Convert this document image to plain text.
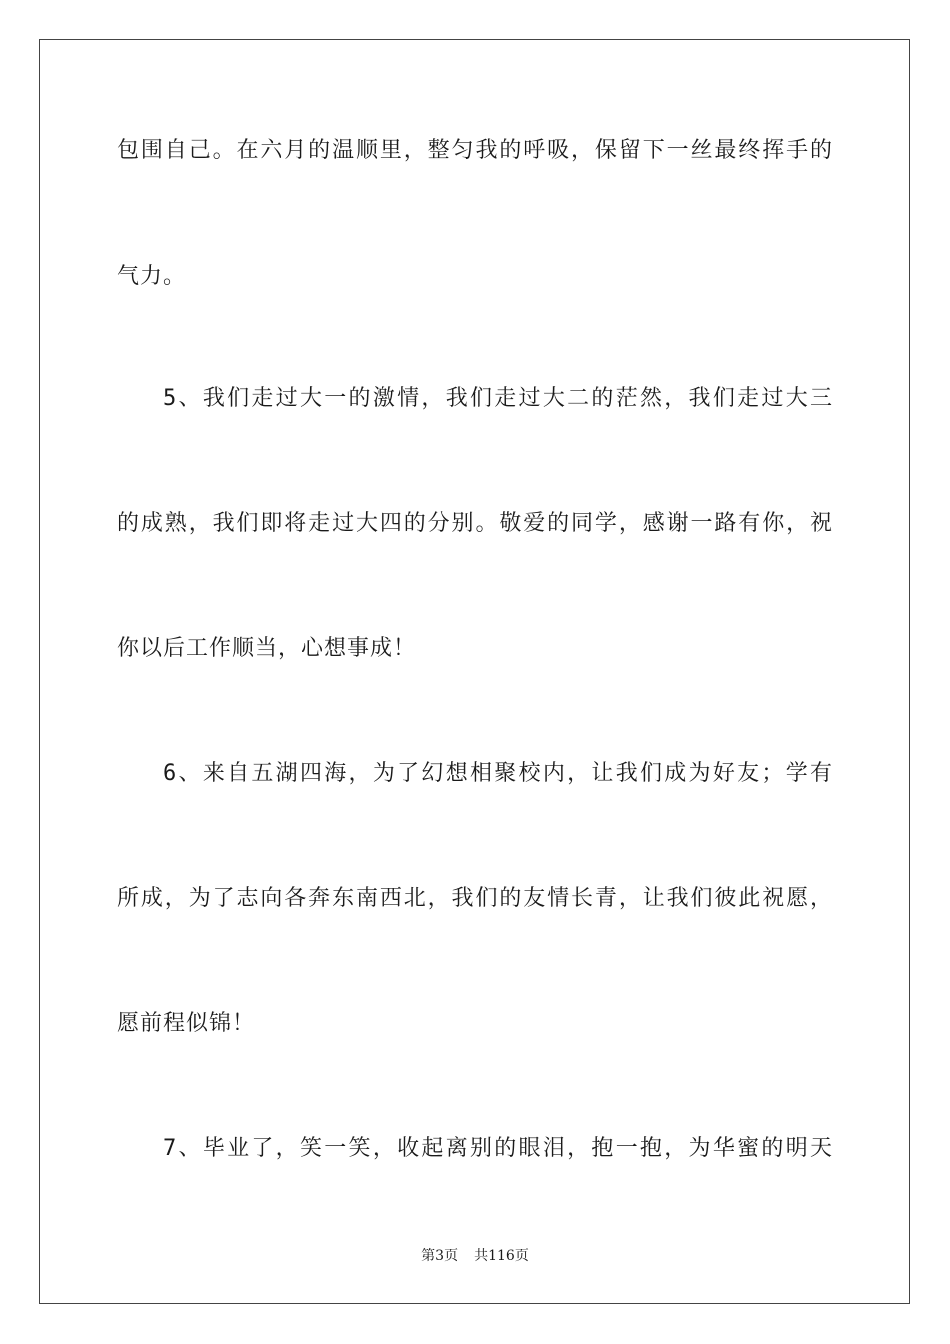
包围自己。在六月的温顺里，整匀我的呼吸，保留下一丝最终挥手的
气力。
5、我们走过大一的激情，我们走过大二的茫然，我们走过大三
的成熟，我们即将走过大四的分别。敬爱的同学，感谢一路有你，祝
你以后工作顺当，心想事成！
6、来自五湖四海，为了幻想相聚校内，让我们成为好友；学有
所成，为了志向各奔东南西北，我们的友情长青，让我们彼此祝愿，
愿前程似锦！
7、毕业了，笑一笑，收起离别的眼泪，抱一抱，为华蜜的明天
第3页 共116页
